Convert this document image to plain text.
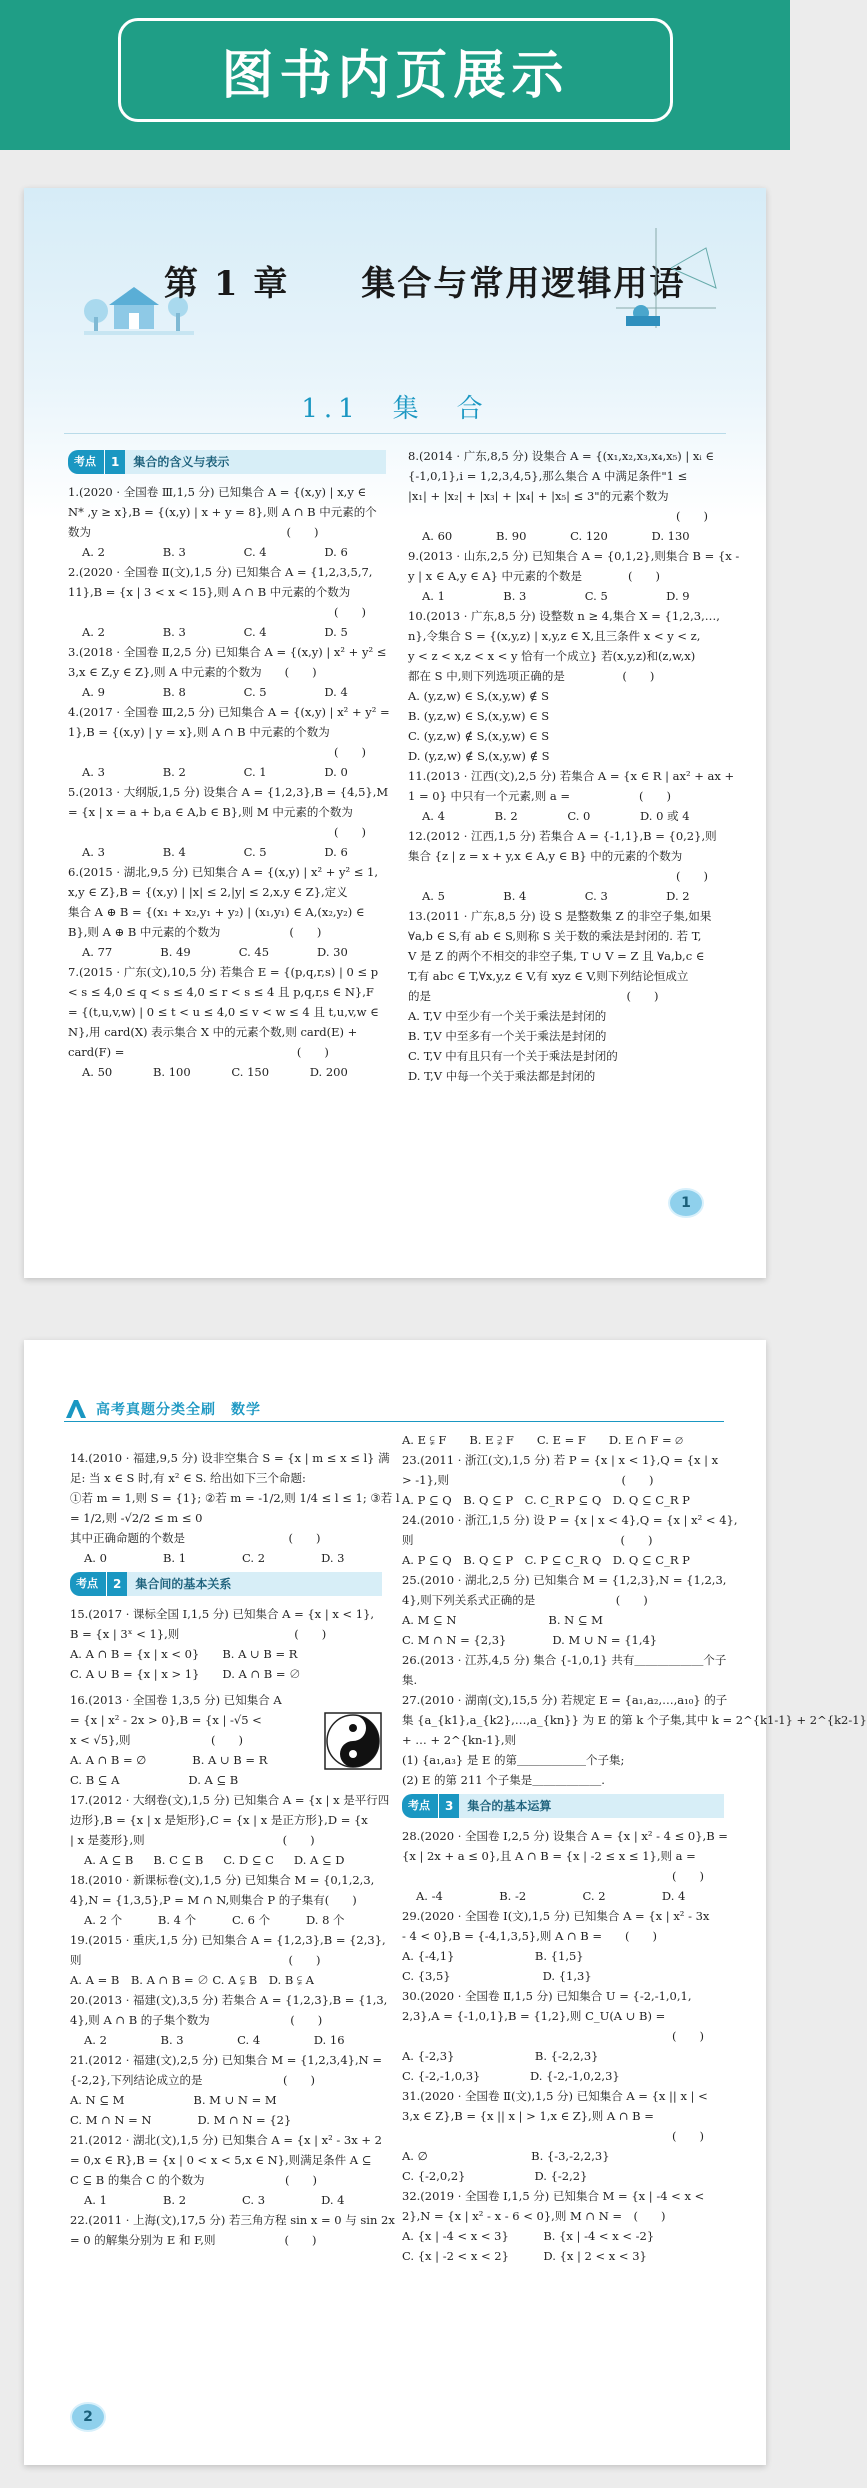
图书内页展示
第 1 章　　集合与常用逻辑用语
1.1　集　合
考点	1	集合的含义与表示
1.(2020 · 全国卷 Ⅲ,1,5 分) 已知集合 A = {(x,y) | x,y ∈
N* ,y ≥ x},B = {(x,y) | x + y = 8},则 A ∩ B 中元素的个
数为　　　　　　　　　　　　　　　　　(　　)
A. 2	B. 3	C. 4	D. 6
2.(2020 · 全国卷 Ⅱ(文),1,5 分) 已知集合 A = {1,2,3,5,7,
11},B = {x | 3 < x < 15},则 A ∩ B 中元素的个数为
(　　)
A. 2	B. 3	C. 4	D. 5
3.(2018 · 全国卷 Ⅱ,2,5 分) 已知集合 A = {(x,y) | x² + y² ≤
3,x ∈ Z,y ∈ Z},则 A 中元素的个数为　　(　　)
A. 9	B. 8	C. 5	D. 4
4.(2017 · 全国卷 Ⅲ,2,5 分) 已知集合 A = {(x,y) | x² + y² =
1},B = {(x,y) | y = x},则 A ∩ B 中元素的个数为
(　　)
A. 3	B. 2	C. 1	D. 0
5.(2013 · 大纲版,1,5 分) 设集合 A = {1,2,3},B = {4,5},M
= {x | x = a + b,a ∈ A,b ∈ B},则 M 中元素的个数为
(　　)
A. 3	B. 4	C. 5	D. 6
6.(2015 · 湖北,9,5 分) 已知集合 A = {(x,y) | x² + y² ≤ 1,
x,y ∈ Z},B = {(x,y) | |x| ≤ 2,|y| ≤ 2,x,y ∈ Z},定义
集合 A ⊕ B = {(x₁ + x₂,y₁ + y₂) | (x₁,y₁) ∈ A,(x₂,y₂) ∈
B},则 A ⊕ B 中元素的个数为　　　　　　(　　)
A. 77	B. 49	C. 45	D. 30
7.(2015 · 广东(文),10,5 分) 若集合 E = {(p,q,r,s) | 0 ≤ p
< s ≤ 4,0 ≤ q < s ≤ 4,0 ≤ r < s ≤ 4 且 p,q,r,s ∈ N},F
= {(t,u,v,w) | 0 ≤ t < u ≤ 4,0 ≤ v < w ≤ 4 且 t,u,v,w ∈
N},用 card(X) 表示集合 X 中的元素个数,则 card(E) +
card(F) =　　　　　　　　　　　　　　　(　　)
A. 50	B. 100	C. 150	D. 200
8.(2014 · 广东,8,5 分) 设集合 A = {(x₁,x₂,x₃,x₄,x₅) | xᵢ ∈
{-1,0,1},i = 1,2,3,4,5},那么集合 A 中满足条件"1 ≤
|x₁| + |x₂| + |x₃| + |x₄| + |x₅| ≤ 3"的元素个数为
(　　)
A. 60	B. 90	C. 120	D. 130
9.(2013 · 山东,2,5 分) 已知集合 A = {0,1,2},则集合 B = {x -
y | x ∈ A,y ∈ A} 中元素的个数是　　　　(　　)
A. 1	B. 3	C. 5	D. 9
10.(2013 · 广东,8,5 分) 设整数 n ≥ 4,集合 X = {1,2,3,…,
n},令集合 S = {(x,y,z) | x,y,z ∈ X,且三条件 x < y < z,
y < z < x,z < x < y 恰有一个成立} 若(x,y,z)和(z,w,x)
都在 S 中,则下列选项正确的是　　　　　(　　)
A. (y,z,w) ∈ S,(x,y,w) ∉ S
B. (y,z,w) ∈ S,(x,y,w) ∈ S
C. (y,z,w) ∉ S,(x,y,w) ∈ S
D. (y,z,w) ∉ S,(x,y,w) ∉ S
11.(2013 · 江西(文),2,5 分) 若集合 A = {x ∈ R | ax² + ax +
1 = 0} 中只有一个元素,则 a =　　　　　　(　　)
A. 4	B. 2	C. 0	D. 0 或 4
12.(2012 · 江西,1,5 分) 若集合 A = {-1,1},B = {0,2},则
集合 {z | z = x + y,x ∈ A,y ∈ B} 中的元素的个数为
(　　)
A. 5	B. 4	C. 3	D. 2
13.(2011 · 广东,8,5 分) 设 S 是整数集 Z 的非空子集,如果
∀a,b ∈ S,有 ab ∈ S,则称 S 关于数的乘法是封闭的. 若 T,
V 是 Z 的两个不相交的非空子集, T ∪ V = Z 且 ∀a,b,c ∈
T,有 abc ∈ T,∀x,y,z ∈ V,有 xyz ∈ V,则下列结论恒成立
的是　　　　　　　　　　　　　　　　　(　　)
A. T,V 中至少有一个关于乘法是封闭的
B. T,V 中至多有一个关于乘法是封闭的
C. T,V 中有且只有一个关于乘法是封闭的
D. T,V 中每一个关于乘法都是封闭的
1
高考真题分类全刷　数学
14.(2010 · 福建,9,5 分) 设非空集合 S = {x | m ≤ x ≤ l} 满
足: 当 x ∈ S 时,有 x² ∈ S. 给出如下三个命题:
①若 m = 1,则 S = {1}; ②若 m = -1/2,则 1/4 ≤ l ≤ 1; ③若 l
= 1/2,则 -√2/2 ≤ m ≤ 0
其中正确命题的个数是　　　　　　　　　(　　)
A. 0	B. 1	C. 2	D. 3
考点	2	集合间的基本关系
15.(2017 · 课标全国 Ⅰ,1,5 分) 已知集合 A = {x | x < 1},
B = {x | 3ˣ < 1},则　　　　　　　　　　(　　)
A. A ∩ B = {x | x < 0}　　B. A ∪ B = R
C. A ∪ B = {x | x > 1}　　D. A ∩ B = ∅
16.(2013 · 全国卷 1,3,5 分) 已知集合 A
= {x | x² - 2x > 0},B = {x | -√5 <
x < √5},则　　　　　　　(　　)
A. A ∩ B = ∅　　　　B. A ∪ B = R
C. B ⊆ A　　　　　　D. A ⊆ B
17.(2012 · 大纲卷(文),1,5 分) 已知集合 A = {x | x 是平行四
边形},B = {x | x 是矩形},C = {x | x 是正方形},D = {x
| x 是菱形},则　　　　　　　　　　　　(　　)
A. A ⊆ B B. C ⊆ B C. D ⊆ C D. A ⊆ D
18.(2010 · 新课标卷(文),1,5 分) 已知集合 M = {0,1,2,3,
4},N = {1,3,5},P = M ∩ N,则集合 P 的子集有(　　)
A. 2 个	B. 4 个	C. 6 个	D. 8 个
19.(2015 · 重庆,1,5 分) 已知集合 A = {1,2,3},B = {2,3},
则　　　　　　　　　　　　　　　　　　(　　)
A. A = B　B. A ∩ B = ∅ C. A ⫋ B　D. B ⫋ A
20.(2013 · 福建(文),3,5 分) 若集合 A = {1,2,3},B = {1,3,
4},则 A ∩ B 的子集个数为　　　　　　　(　　)
A. 2	B. 3	C. 4	D. 16
21.(2012 · 福建(文),2,5 分) 已知集合 M = {1,2,3,4},N =
{-2,2},下列结论成立的是　　　　　　　(　　)
A. N ⊆ M　　　　　　B. M ∪ N = M
C. M ∩ N = N　　　　D. M ∩ N = {2}
21.(2012 · 湖北(文),1,5 分) 已知集合 A = {x | x² - 3x + 2
= 0,x ∈ R},B = {x | 0 < x < 5,x ∈ N},则满足条件 A ⊆
C ⊆ B 的集合 C 的个数为　　　　　　　(　　)
A. 1	B. 2	C. 3	D. 4
22.(2011 · 上海(文),17,5 分) 若三角方程 sin x = 0 与 sin 2x
= 0 的解集分别为 E 和 F,则　　　　　　(　　)
A. E ⫋ F　　B. E ⫌ F　　C. E = F　　D. E ∩ F = ∅
23.(2011 · 浙江(文),1,5 分) 若 P = {x | x < 1},Q = {x | x
> -1},则　　　　　　　　　　　　　　　(　　)
A. P ⊆ Q　B. Q ⊆ P　C. C_R P ⊆ Q　D. Q ⊆ C_R P
24.(2010 · 浙江,1,5 分) 设 P = {x | x < 4},Q = {x | x² < 4},
则　　　　　　　　　　　　　　　　　　(　　)
A. P ⊆ Q　B. Q ⊆ P　C. P ⊆ C_R Q　D. Q ⊆ C_R P
25.(2010 · 湖北,2,5 分) 已知集合 M = {1,2,3},N = {1,2,3,
4},则下列关系式正确的是　　　　　　　(　　)
A. M ⊆ N　　　　　　　　B. N ⊆ M
C. M ∩ N = {2,3}　　　　D. M ∪ N = {1,4}
26.(2013 · 江苏,4,5 分) 集合 {-1,0,1} 共有＿＿＿＿＿＿个子
集.
27.(2010 · 湖南(文),15,5 分) 若规定 E = {a₁,a₂,…,a₁₀} 的子
集 {a_{k1},a_{k2},…,a_{kn}} 为 E 的第 k 个子集,其中 k = 2^{k1-1} + 2^{k2-1}
+ … + 2^{kn-1},则
(1) {a₁,a₃} 是 E 的第＿＿＿＿＿＿个子集;
(2) E 的第 211 个子集是＿＿＿＿＿＿.
考点	3	集合的基本运算
28.(2020 · 全国卷 Ⅰ,2,5 分) 设集合 A = {x | x² - 4 ≤ 0},B =
{x | 2x + a ≤ 0},且 A ∩ B = {x | -2 ≤ x ≤ 1},则 a =
(　　)
A. -4	B. -2	C. 2	D. 4
29.(2020 · 全国卷 Ⅰ(文),1,5 分) 已知集合 A = {x | x² - 3x
- 4 < 0},B = {-4,1,3,5},则 A ∩ B =　　(　　)
A. {-4,1}　　　　　　　B. {1,5}
C. {3,5}　　　　　　　　D. {1,3}
30.(2020 · 全国卷 Ⅱ,1,5 分) 已知集合 U = {-2,-1,0,1,
2,3},A = {-1,0,1},B = {1,2},则 C_U(A ∪ B) =
(　　)
A. {-2,3}　　　　　　　B. {-2,2,3}
C. {-2,-1,0,3}　　　　 D. {-2,-1,0,2,3}
31.(2020 · 全国卷 Ⅱ(文),1,5 分) 已知集合 A = {x || x | <
3,x ∈ Z},B = {x || x | > 1,x ∈ Z},则 A ∩ B =
(　　)
A. ∅　　　　　　　　　B. {-3,-2,2,3}
C. {-2,0,2}　　　　　　D. {-2,2}
32.(2019 · 全国卷 Ⅰ,1,5 分) 已知集合 M = {x | -4 < x <
2},N = {x | x² - x - 6 < 0},则 M ∩ N =　(　　)
A. {x | -4 < x < 3}　　　B. {x | -4 < x < -2}
C. {x | -2 < x < 2}　　　D. {x | 2 < x < 3}
2
